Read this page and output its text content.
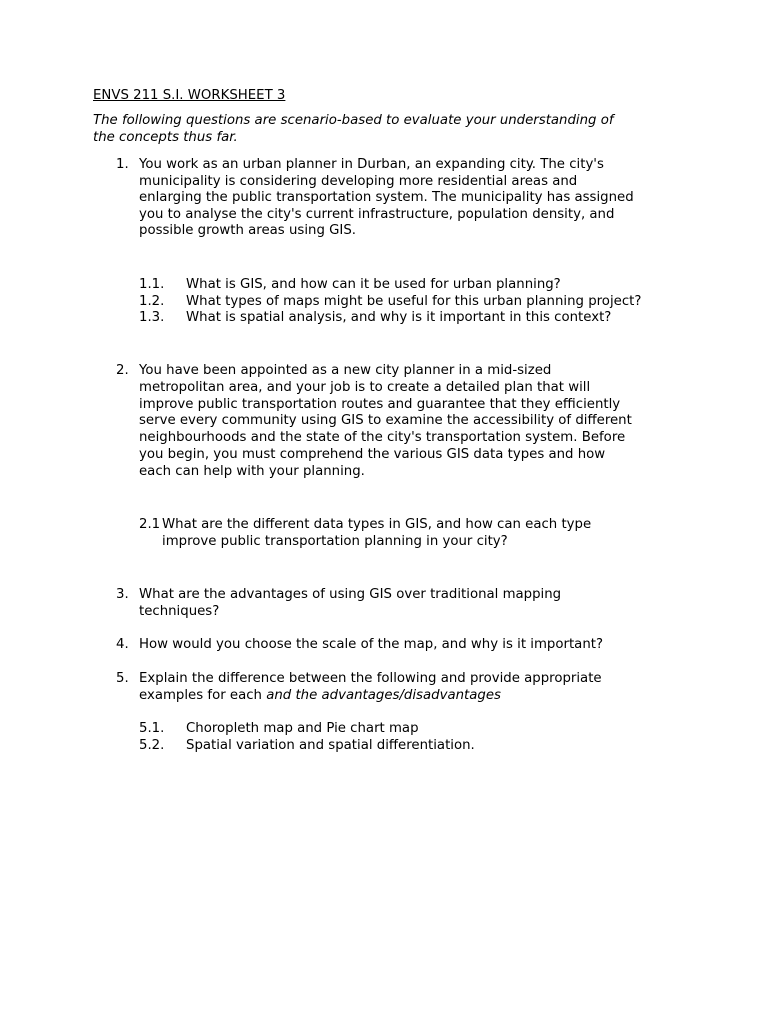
ENVS 211 S.I. WORKSHEET 3
The following questions are scenario-based to evaluate your understanding of
the concepts thus far.
1. You work as an urban planner in Durban, an expanding city. The city's
municipality is considering developing more residential areas and
enlarging the public transportation system. The municipality has assigned
you to analyse the city's current infrastructure, population density, and
possible growth areas using GIS.
1.1. What is GIS, and how can it be used for urban planning?
1.2. What types of maps might be useful for this urban planning project?
1.3. What is spatial analysis, and why is it important in this context?
2. You have been appointed as a new city planner in a mid-sized
metropolitan area, and your job is to create a detailed plan that will
improve public transportation routes and guarantee that they efficiently
serve every community using GIS to examine the accessibility of different
neighbourhoods and the state of the city's transportation system. Before
you begin, you must comprehend the various GIS data types and how
each can help with your planning.
2.1 What are the different data types in GIS, and how can each type
improve public transportation planning in your city?
3. What are the advantages of using GIS over traditional mapping
techniques?
4. How would you choose the scale of the map, and why is it important?
5. Explain the difference between the following and provide appropriate
examples for each and the advantages/disadvantages
5.1. Choropleth map and Pie chart map
5.2. Spatial variation and spatial differentiation.
